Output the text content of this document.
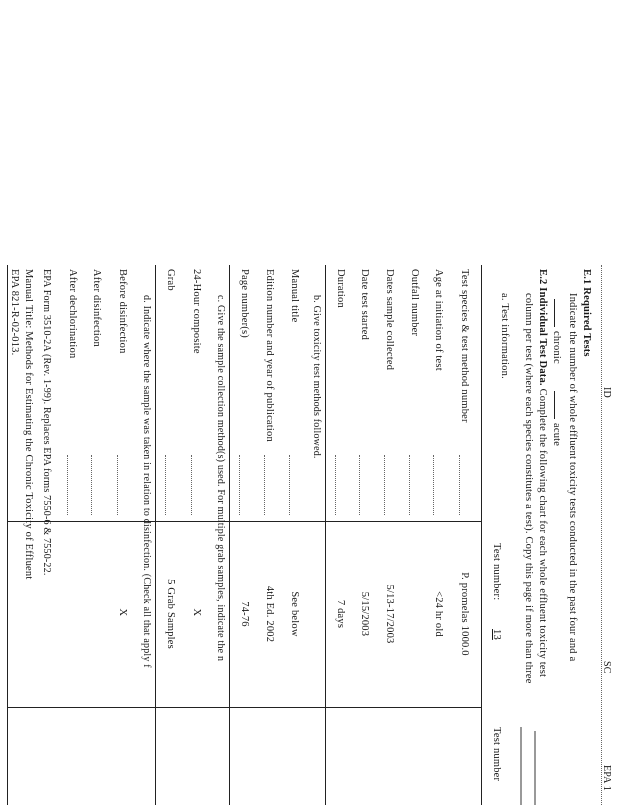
ID
SC
EPA 1
E.1 Required Tests
Indicate the number of whole effluent toxicity tests conducted in the past four and a
chronic
acute
E.2 Individual Test Data. Complete the following chart for each whole effluent toxicity test
column per test (where each species constitutes a test). Copy this page if more than three
a. Test information.
Test number:
13
Test number
Test species & test method number
P. promelas 1000.0
Age at initiation of test
<24 hr old
Outfall number
Dates sample collected
5/13-17/2003
Date test started
5/15/2003
Duration
7 days
b. Give toxicity test methods followed.
Manual title
See below
Edition number and year of publication
4th Ed. 2002
Page number(s)
74-76
c. Give the sample collection method(s) used. For multiple grab samples, indicate the n
24-Hour composite
X
Grab
5 Grab Samples
d. Indicate where the sample was taken in relation to disinfection. (Check all that apply f
Before disinfection
X
After disinfection
After dechlorination
EPA Form 3510-2A (Rev. 1-99). Replaces EPA forms 7550-6 & 7550-22.
Manual Title: Methods for Estimating the Chronic Toxicity of Effluent
EPA 821-R-02-013.
